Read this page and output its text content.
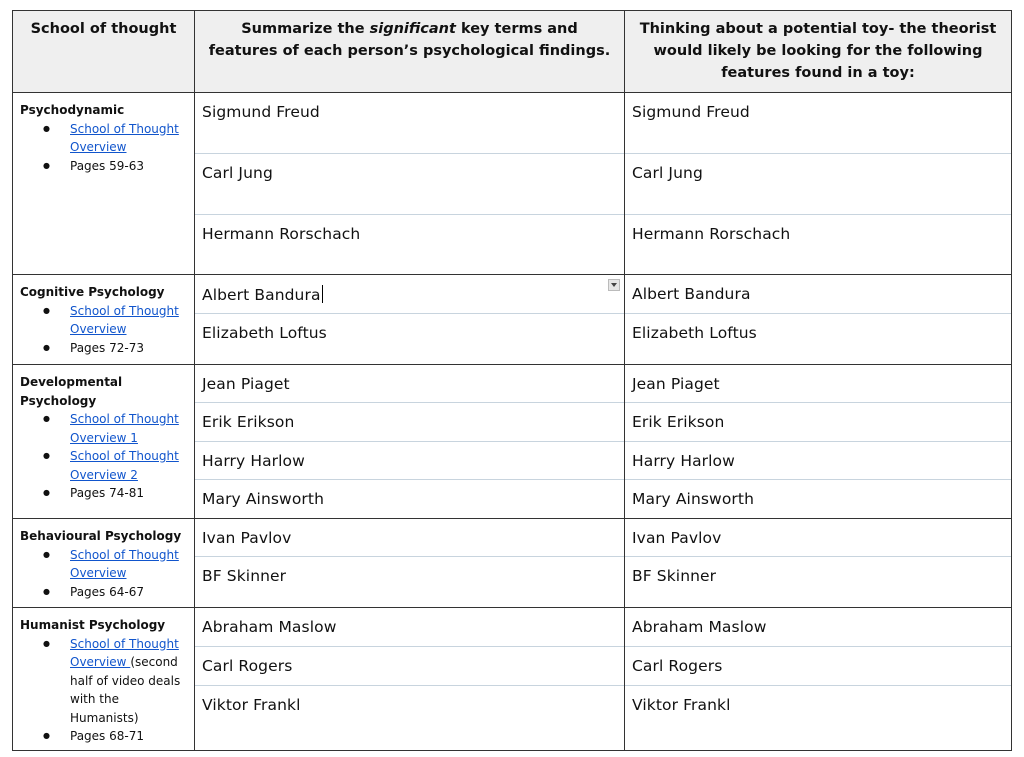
School of thought
Psychodynamic
● School of Thought Overview
● Pages 59-63
Cognitive Psychology
● School of Thought Overview
● Pages 72-73
Developmental Psychology
● School of Thought Overview 1
● School of Thought Overview 2
● Pages 74-81
Behavioural Psychology
● School of Thought Overview
● Pages 64-67
Humanist Psychology
● School of Thought Overview (second half of video deals with the Humanists)
● Pages 68-71
Summarize the significant key terms and features of each person’s psychological findings.
Sigmund Freud
Carl Jung
Hermann Rorschach
Albert Bandura
Elizabeth Loftus
Jean Piaget
Erik Erikson
Harry Harlow
Mary Ainsworth
Ivan Pavlov
BF Skinner
Abraham Maslow
Carl Rogers
Viktor Frankl
Thinking about a potential toy- the theorist would likely be looking for the following features found in a toy:
Sigmund Freud
Carl Jung
Hermann Rorschach
Albert Bandura
Elizabeth Loftus
Jean Piaget
Erik Erikson
Harry Harlow
Mary Ainsworth
Ivan Pavlov
BF Skinner
Abraham Maslow
Carl Rogers
Viktor Frankl
